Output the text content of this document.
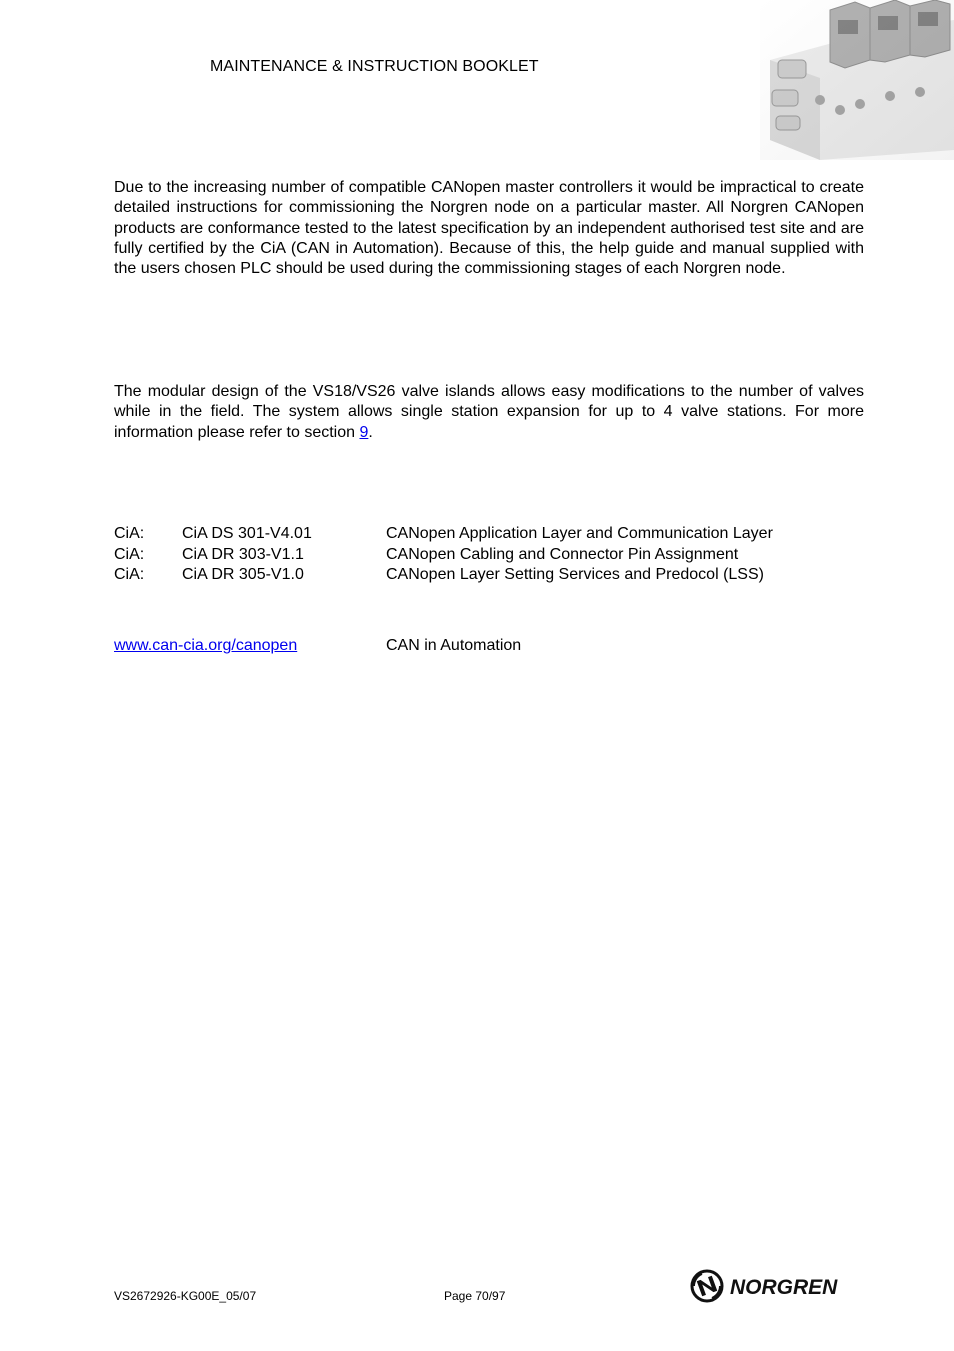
MAINTENANCE & INSTRUCTION BOOKLET
Due to the increasing number of compatible CANopen master controllers it would be impractical to create detailed instructions for commissioning the Norgren node on a particular master. All Norgren CANopen products are conformance tested to the latest specification by an independent authorised test site and are fully certified by the CiA (CAN in Automation). Because of this, the help guide and manual supplied with the users chosen PLC should be used during the commissioning stages of each Norgren node.
The modular design of the VS18/VS26 valve islands allows easy modifications to the number of valves while in the field. The system allows single station expansion for up to 4 valve stations. For more information please refer to section 9.
CiA: CiA DS 301-V4.01	CANopen Application Layer and Communication Layer
CiA: CiA DR 303-V1.1	CANopen Cabling and Connector Pin Assignment
CiA: CiA DR 305-V1.0	CANopen Layer Setting Services and Predocol (LSS)
www.can-cia.org/canopen	CAN in Automation
VS2672926-KG00E_05/07	Page 70/97	NORGREN
